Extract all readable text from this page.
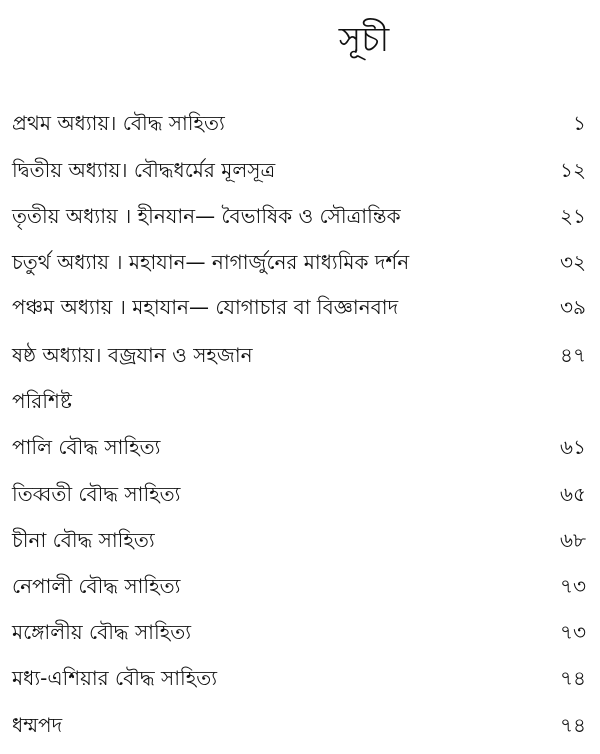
সূচী
প্রথম অধ্যায়। বৌদ্ধ সাহিত্য	১
দ্বিতীয় অধ্যায়। বৌদ্ধধর্মের মূলসূত্র	১২
তৃতীয় অধ্যায় । হীনযান— বৈভাষিক ও সৌত্রান্তিক	২১
চতুর্থ অধ্যায় । মহাযান— নাগার্জুনের মাধ্যমিক দর্শন	৩২
পঞ্চম অধ্যায় । মহাযান— যোগাচার বা বিজ্ঞানবাদ	৩৯
ষষ্ঠ অধ্যায়। বজ্রযান ও সহজান	৪৭
পরিশিষ্ট
পালি বৌদ্ধ সাহিত্য	৬১
তিব্বতী বৌদ্ধ সাহিত্য	৬৫
চীনা বৌদ্ধ সাহিত্য	৬৮
নেপালী বৌদ্ধ সাহিত্য	৭৩
মঙ্গোলীয় বৌদ্ধ সাহিত্য	৭৩
মধ্য-এশিয়ার বৌদ্ধ সাহিত্য	৭৪
ধম্মপদ	৭৪
